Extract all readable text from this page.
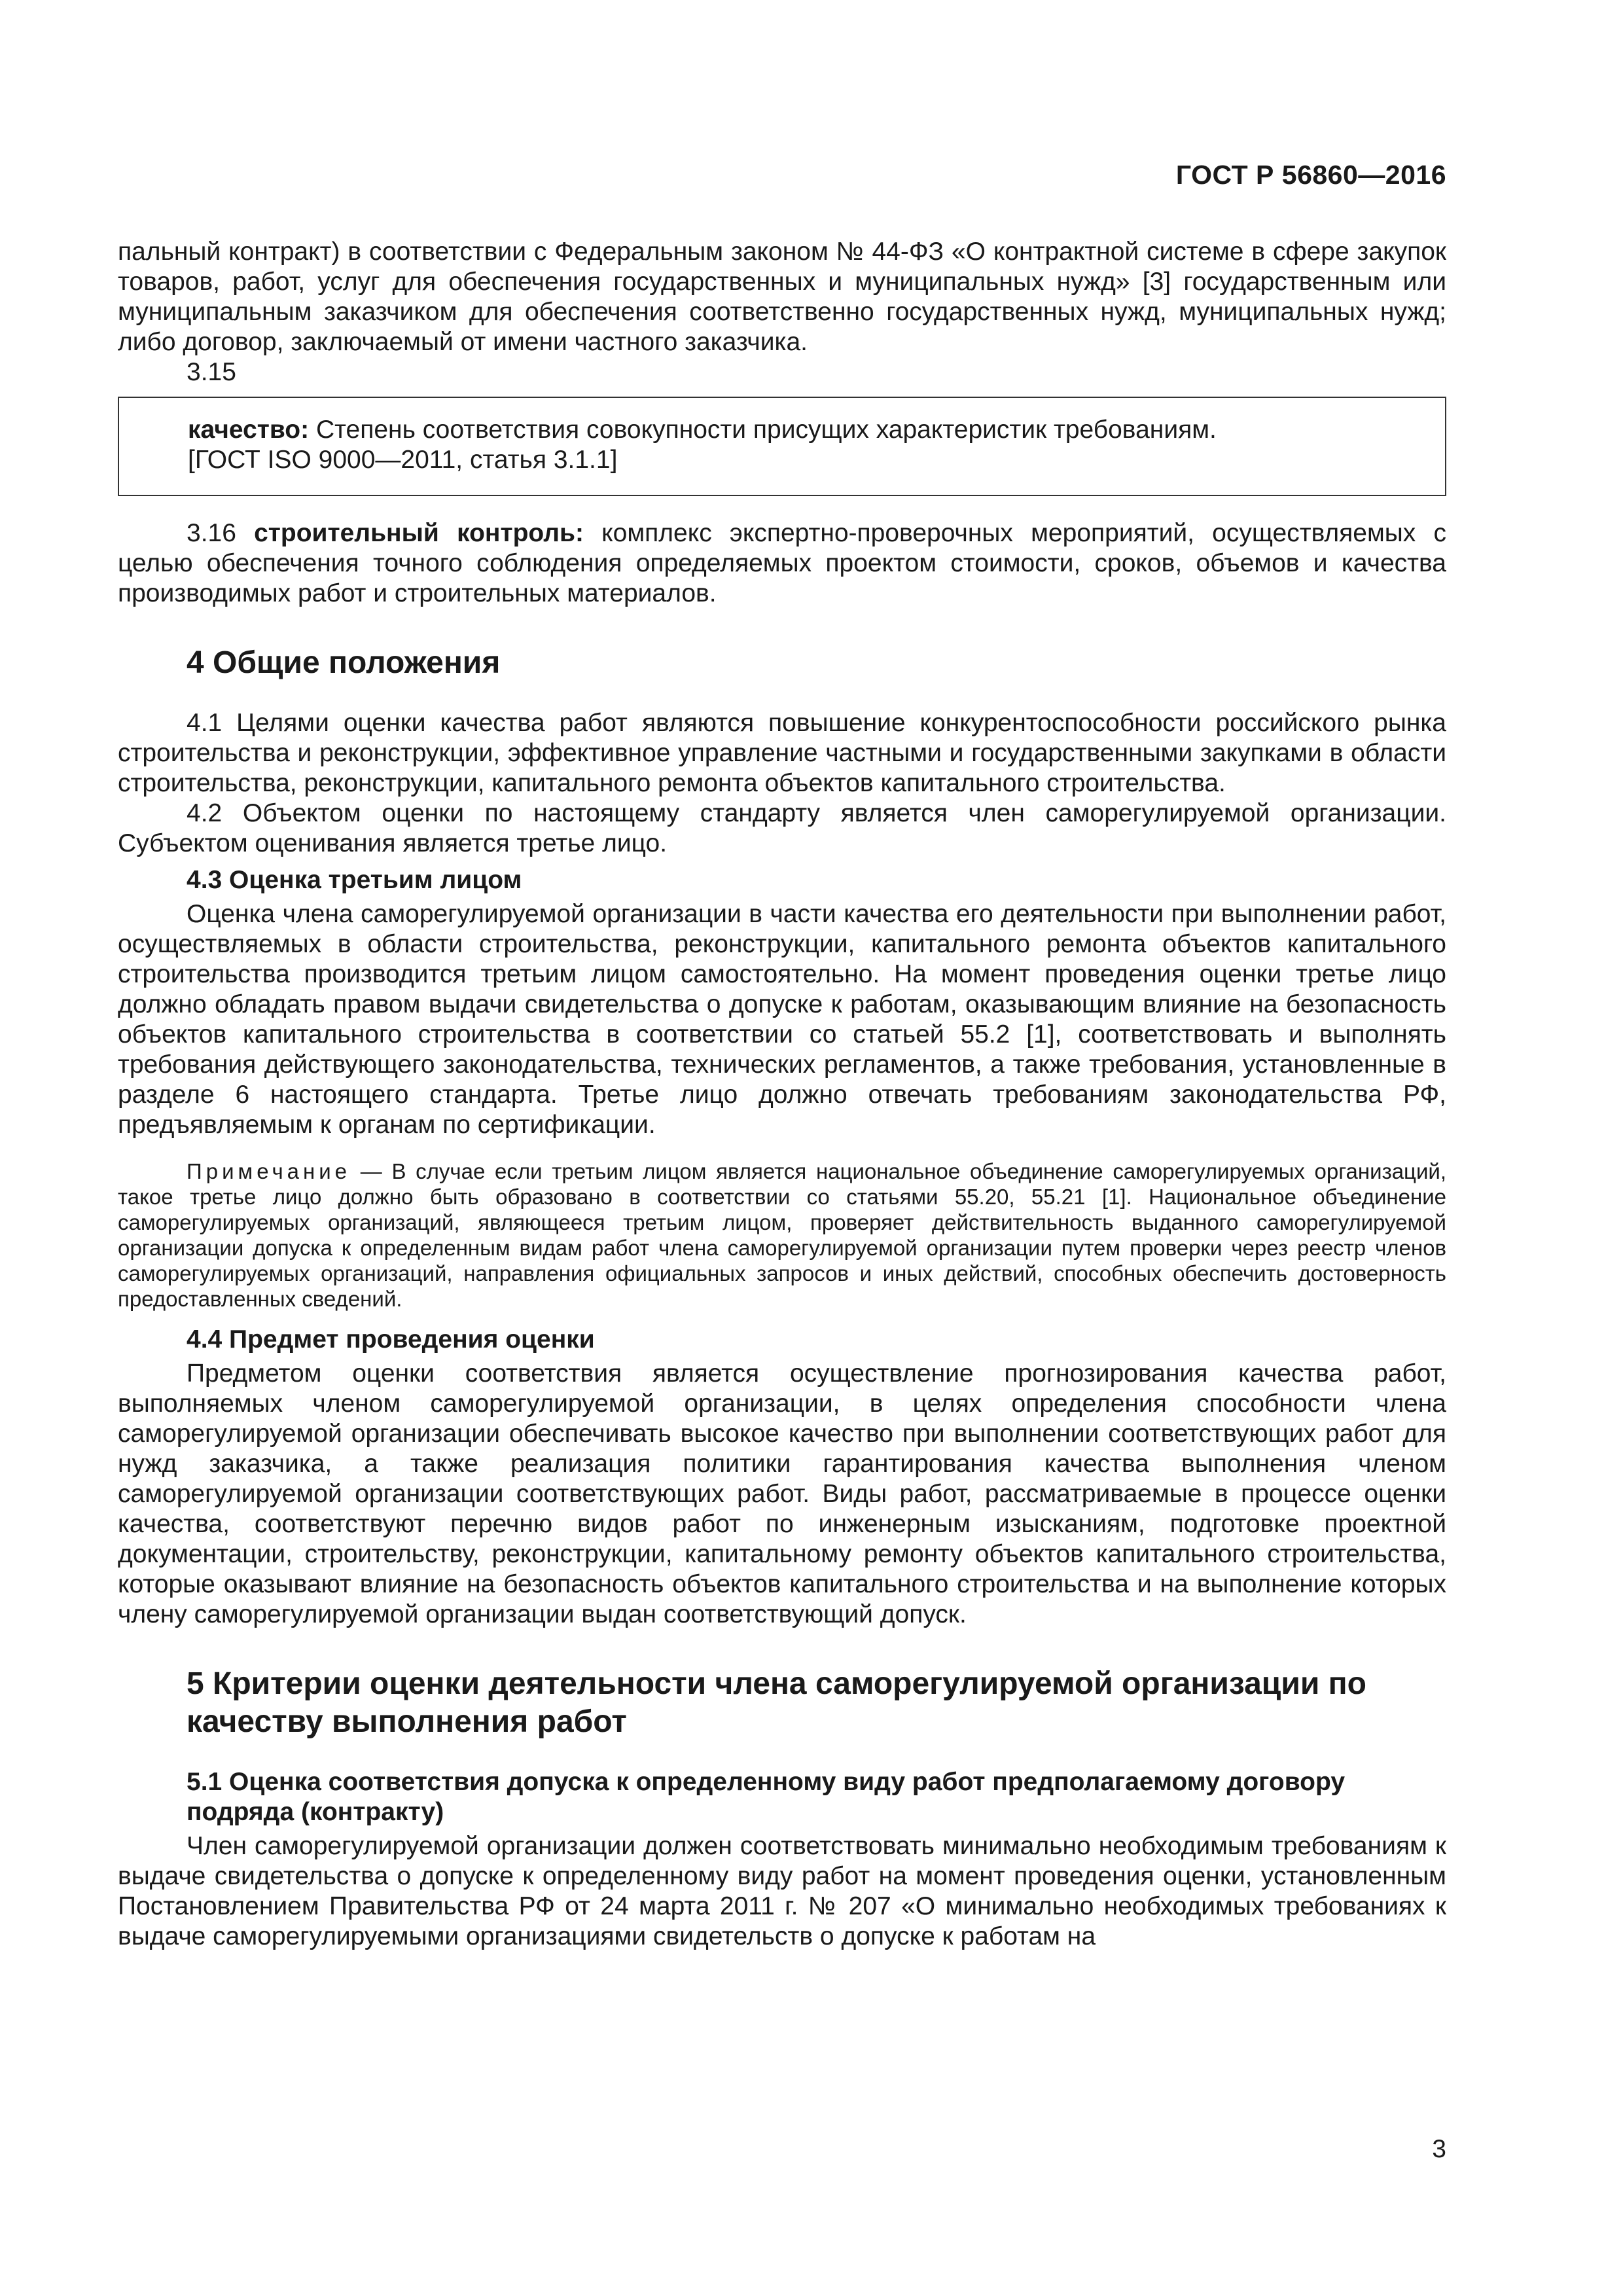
ГОСТ Р 56860—2016

пальный контракт) в соответствии с Федеральным законом № 44-ФЗ «О контрактной системе в сфере закупок товаров, работ, услуг для обеспечения государственных и муниципальных нужд» [3] государственным или муниципальным заказчиком для обеспечения соответственно государственных нужд, муниципальных нужд; либо договор, заключаемый от имени частного заказчика.

3.15

качество: Степень соответствия совокупности присущих характеристик требованиям.

[ГОСТ ISO 9000—2011, статья 3.1.1]

3.16 строительный контроль: комплекс экспертно-проверочных мероприятий, осуществляемых с целью обеспечения точного соблюдения определяемых проектом стоимости, сроков, объемов и качества производимых работ и строительных материалов.

4 Общие положения

4.1 Целями оценки качества работ являются повышение конкурентоспособности российского рынка строительства и реконструкции, эффективное управление частными и государственными закупками в области строительства, реконструкции, капитального ремонта объектов капитального строительства.

4.2 Объектом оценки по настоящему стандарту является член саморегулируемой организации. Субъектом оценивания является третье лицо.

4.3 Оценка третьим лицом

Оценка члена саморегулируемой организации в части качества его деятельности при выполнении работ, осуществляемых в области строительства, реконструкции, капитального ремонта объектов капитального строительства производится третьим лицом самостоятельно. На момент проведения оценки третье лицо должно обладать правом выдачи свидетельства о допуске к работам, оказывающим влияние на безопасность объектов капитального строительства в соответствии со статьей 55.2 [1], соответствовать и выполнять требования действующего законодательства, технических регламентов, а также требования, установленные в разделе 6 настоящего стандарта. Третье лицо должно отвечать требованиям законодательства РФ, предъявляемым к органам по сертификации.

Примечание — В случае если третьим лицом является национальное объединение саморегулируемых организаций, такое третье лицо должно быть образовано в соответствии со статьями 55.20, 55.21 [1]. Национальное объединение саморегулируемых организаций, являющееся третьим лицом, проверяет действительность выданного саморегулируемой организации допуска к определенным видам работ члена саморегулируемой организации путем проверки через реестр членов саморегулируемых организаций, направления официальных запросов и иных действий, способных обеспечить достоверность предоставленных сведений.

4.4 Предмет проведения оценки

Предметом оценки соответствия является осуществление прогнозирования качества работ, выполняемых членом саморегулируемой организации, в целях определения способности члена саморегулируемой организации обеспечивать высокое качество при выполнении соответствующих работ для нужд заказчика, а также реализация политики гарантирования качества выполнения членом саморегулируемой организации соответствующих работ. Виды работ, рассматриваемые в процессе оценки качества, соответствуют перечню видов работ по инженерным изысканиям, подготовке проектной документации, строительству, реконструкции, капитальному ремонту объектов капитального строительства, которые оказывают влияние на безопасность объектов капитального строительства и на выполнение которых члену саморегулируемой организации выдан соответствующий допуск.

5 Критерии оценки деятельности члена саморегулируемой организации по качеству выполнения работ
5.1 Оценка соответствия допуска к определенному виду работ предполагаемому договору подряда (контракту)

Член саморегулируемой организации должен соответствовать минимально необходимым требованиям к выдаче свидетельства о допуске к определенному виду работ на момент проведения оценки, установленным Постановлением Правительства РФ от 24 марта 2011 г. № 207 «О минимально необходимых требованиях к выдаче саморегулируемыми организациями свидетельств о допуске к работам на

3
